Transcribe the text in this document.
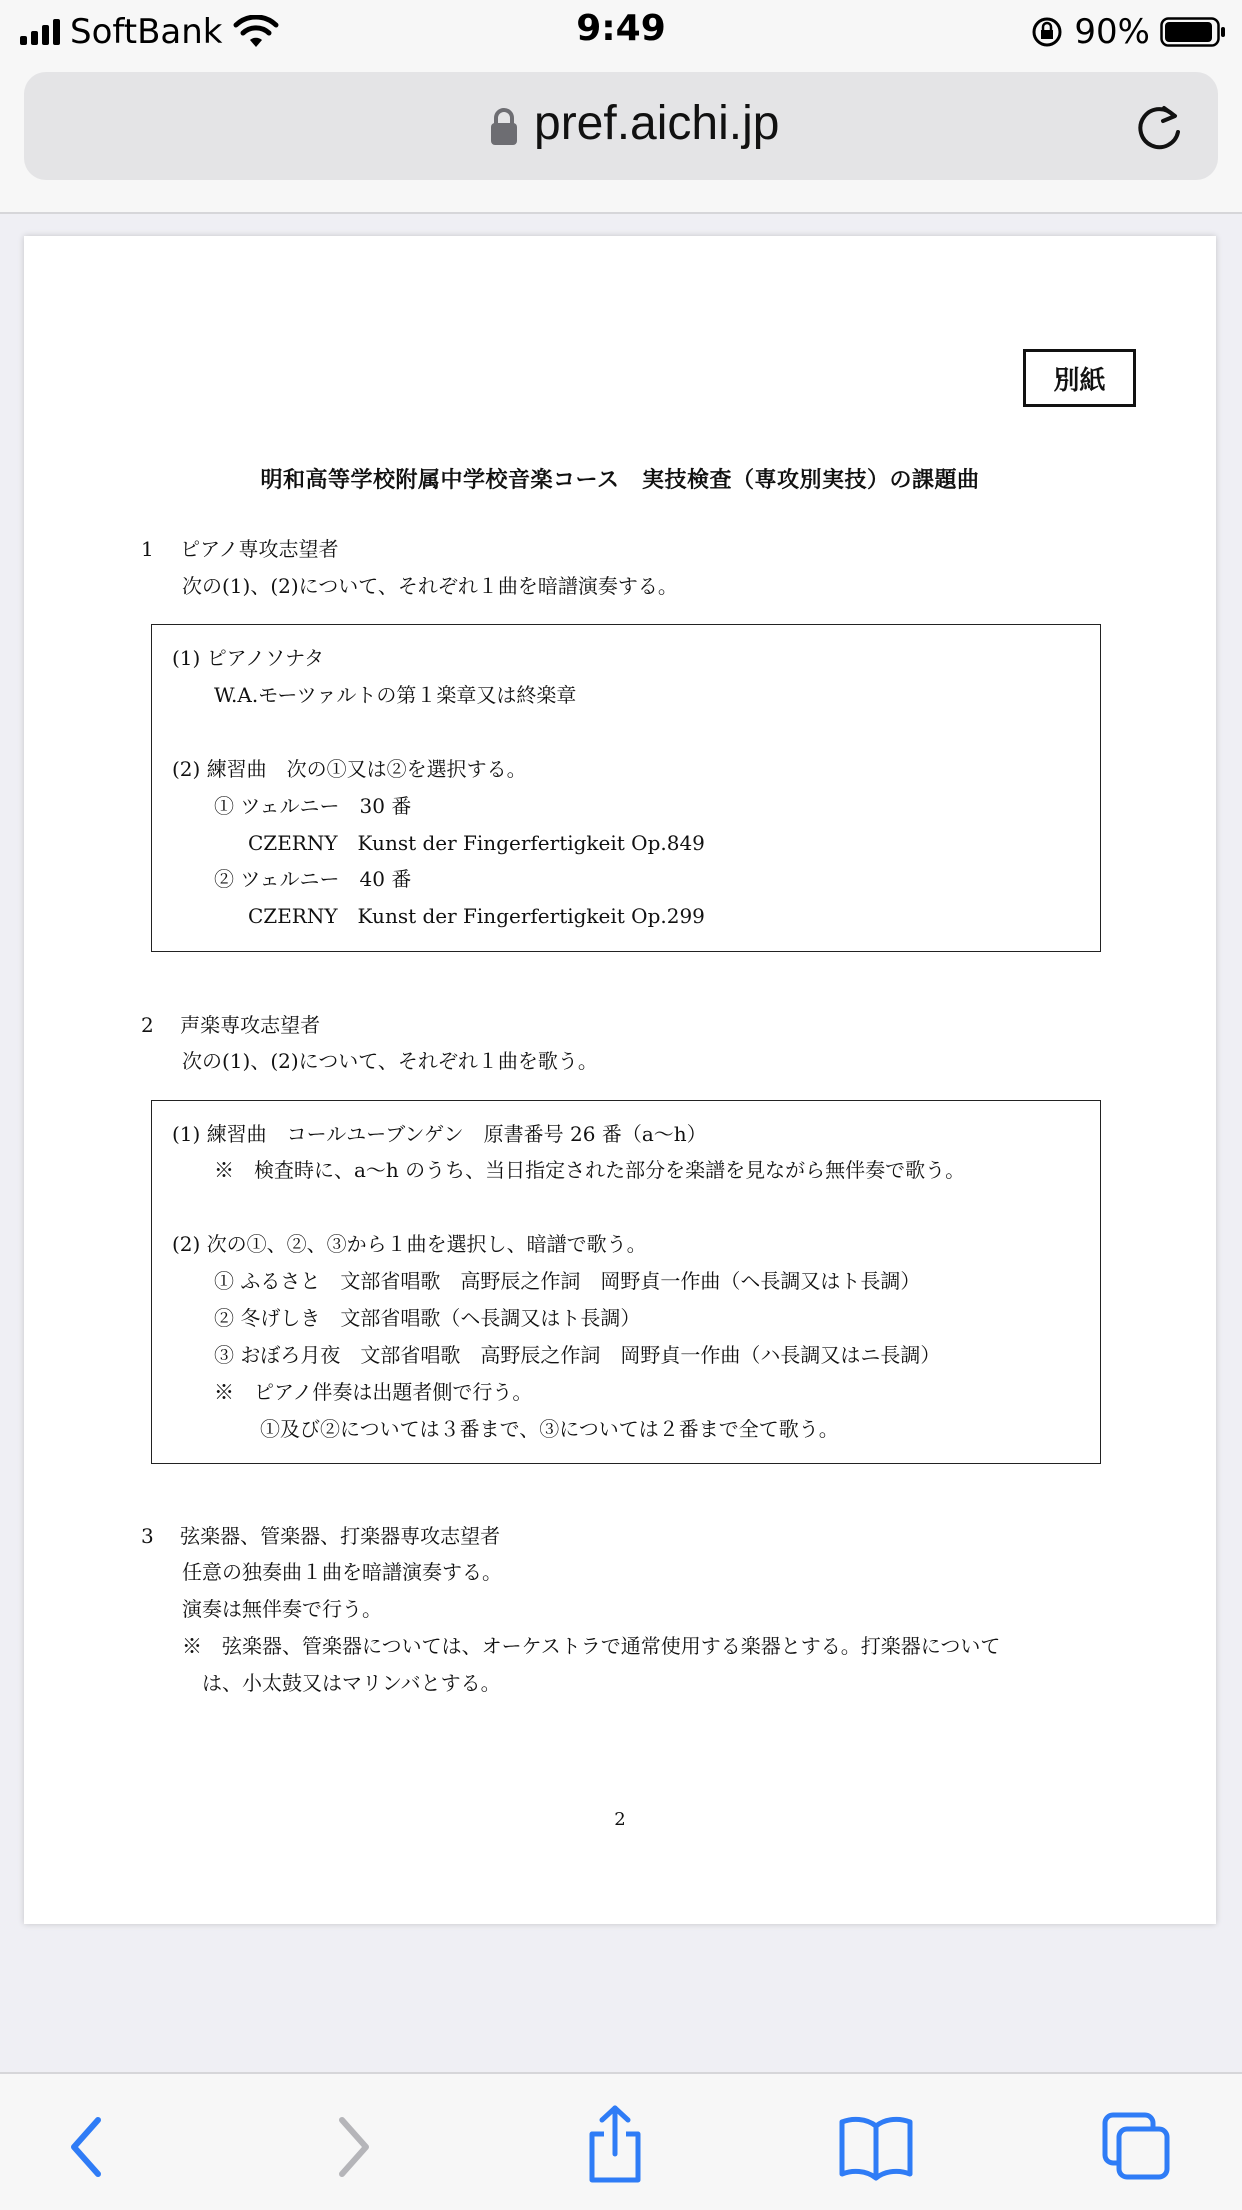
SoftBank	9:49	90%
pref.aichi.jp
別紙
明和高等学校附属中学校音楽コース　実技検査（専攻別実技）の課題曲
1　 ピアノ専攻志望者
次の(1)、(2)について、それぞれ１曲を暗譜演奏する。
(1) ピアノソナタ
W.A.モーツァルトの第１楽章又は終楽章
(2) 練習曲　次の①又は②を選択する。
① ツェルニー　30 番
CZERNY　Kunst der Fingerfertigkeit Op.849
② ツェルニー　40 番
CZERNY　Kunst der Fingerfertigkeit Op.299
2　 声楽専攻志望者
次の(1)、(2)について、それぞれ１曲を歌う。
(1) 練習曲　コールユーブンゲン　原書番号 26 番（a〜h）
※　検査時に、a〜h のうち、当日指定された部分を楽譜を見ながら無伴奏で歌う。
(2) 次の①、②、③から１曲を選択し、暗譜で歌う。
① ふるさと　文部省唱歌　高野辰之作詞　岡野貞一作曲（ヘ長調又はト長調）
② 冬げしき　文部省唱歌（ヘ長調又はト長調）
③ おぼろ月夜　文部省唱歌　高野辰之作詞　岡野貞一作曲（ハ長調又はニ長調）
※　ピアノ伴奏は出題者側で行う。
①及び②については３番まで、③については２番まで全て歌う。
3　 弦楽器、管楽器、打楽器専攻志望者
任意の独奏曲１曲を暗譜演奏する。
演奏は無伴奏で行う。
※　弦楽器、管楽器については、オーケストラで通常使用する楽器とする。打楽器について
は、小太鼓又はマリンバとする。
2
